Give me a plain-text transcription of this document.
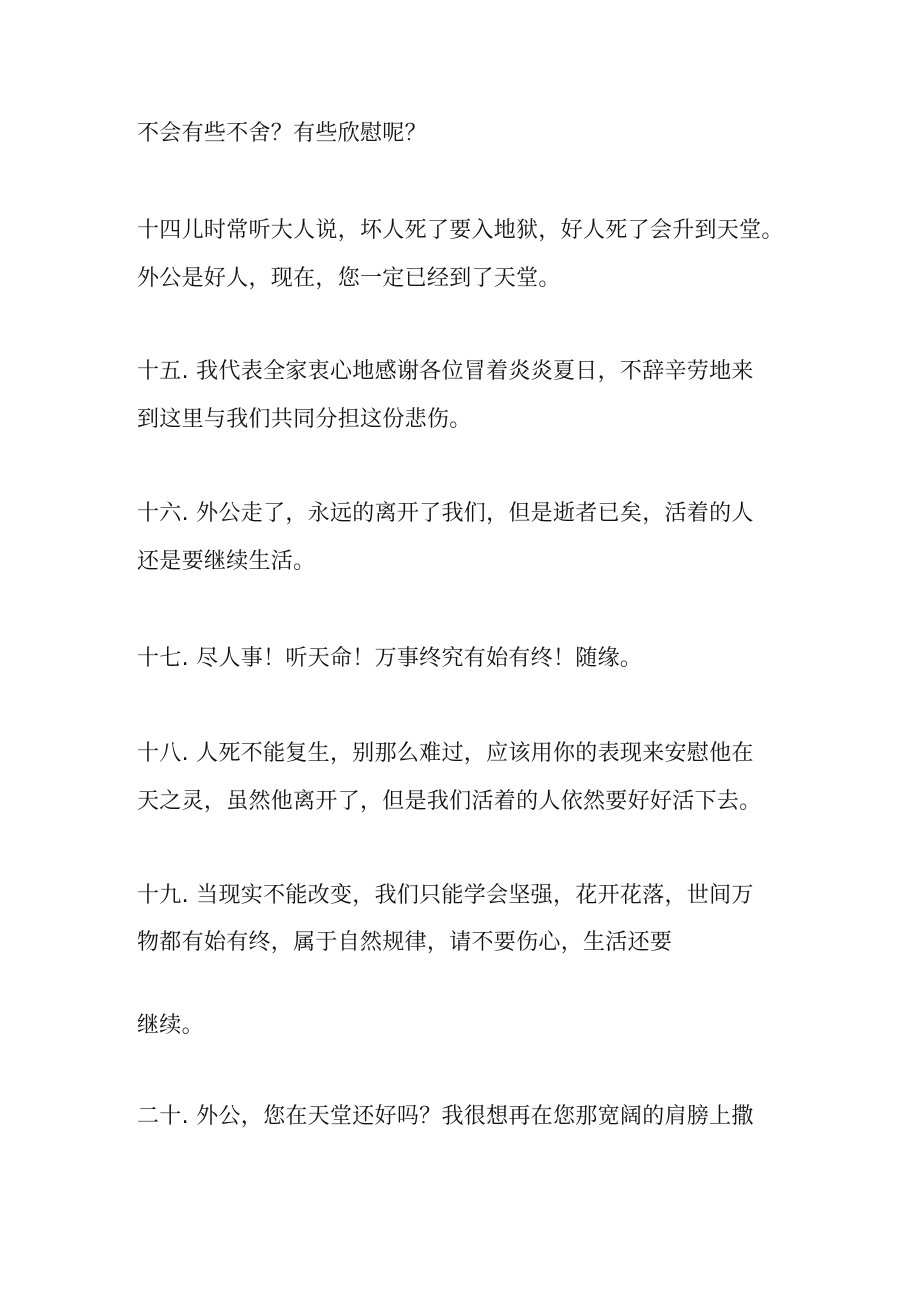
不会有些不舍？有些欣慰呢？

十四儿时常听大人说，坏人死了要入地狱，好人死了会升到天堂。

外公是好人，现在，您一定已经到了天堂。

十五. 我代表全家衷心地感谢各位冒着炎炎夏日，不辞辛劳地来

到这里与我们共同分担这份悲伤。

十六. 外公走了，永远的离开了我们，但是逝者已矣，活着的人

还是要继续生活。

十七. 尽人事！听天命！万事终究有始有终！随缘。

十八. 人死不能复生，别那么难过，应该用你的表现来安慰他在

天之灵，虽然他离开了，但是我们活着的人依然要好好活下去。

十九. 当现实不能改变，我们只能学会坚强，花开花落，世间万

物都有始有终，属于自然规律，请不要伤心，生活还要

继续。

二十. 外公，您在天堂还好吗？我很想再在您那宽阔的肩膀上撒
